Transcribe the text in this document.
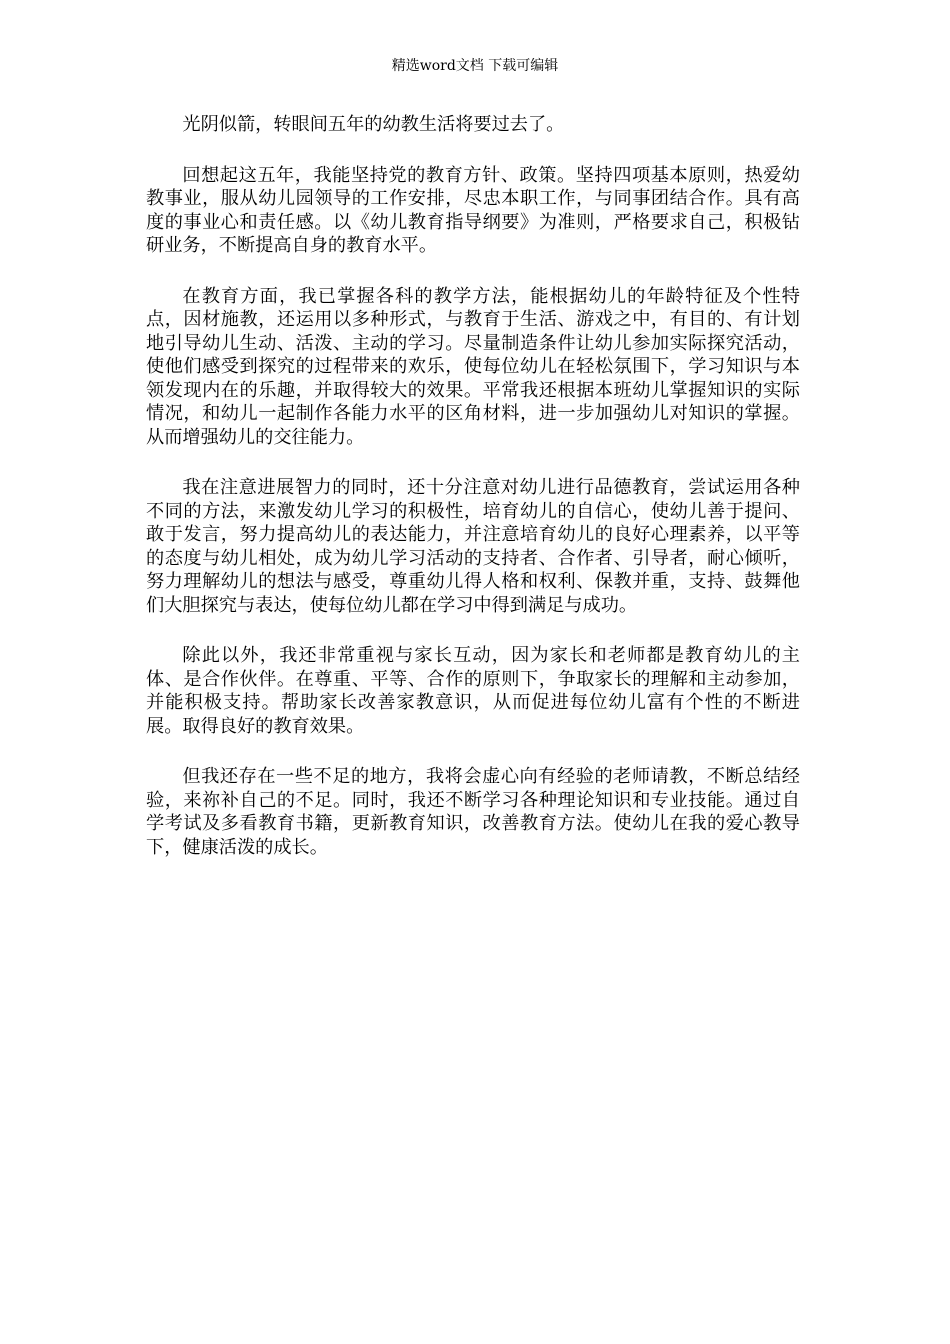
精选word文档 下载可编辑

光阴似箭，转眼间五年的幼教生活将要过去了。

回想起这五年，我能坚持党的教育方针、政策。坚持四项基本原则，热爱幼教事业，服从幼儿园领导的工作安排，尽忠本职工作，与同事团结合作。具有高度的事业心和责任感。以《幼儿教育指导纲要》为准则，严格要求自己，积极钻研业务，不断提高自身的教育水平。

在教育方面，我已掌握各科的教学方法，能根据幼儿的年龄特征及个性特点，因材施教，还运用以多种形式，与教育于生活、游戏之中，有目的、有计划地引导幼儿生动、活泼、主动的学习。尽量制造条件让幼儿参加实际探究活动，使他们感受到探究的过程带来的欢乐，使每位幼儿在轻松氛围下，学习知识与本领发现内在的乐趣，并取得较大的效果。平常我还根据本班幼儿掌握知识的实际情况，和幼儿一起制作各能力水平的区角材料，进一步加强幼儿对知识的掌握。从而增强幼儿的交往能力。

我在注意进展智力的同时，还十分注意对幼儿进行品德教育，尝试运用各种不同的方法，来激发幼儿学习的积极性，培育幼儿的自信心，使幼儿善于提问、敢于发言，努力提高幼儿的表达能力，并注意培育幼儿的良好心理素养，以平等的态度与幼儿相处，成为幼儿学习活动的支持者、合作者、引导者，耐心倾听，努力理解幼儿的想法与感受，尊重幼儿得人格和权利、保教并重，支持、鼓舞他们大胆探究与表达，使每位幼儿都在学习中得到满足与成功。

除此以外，我还非常重视与家长互动，因为家长和老师都是教育幼儿的主体、是合作伙伴。在尊重、平等、合作的原则下，争取家长的理解和主动参加，并能积极支持。帮助家长改善家教意识，从而促进每位幼儿富有个性的不断进展。取得良好的教育效果。

但我还存在一些不足的地方，我将会虚心向有经验的老师请教，不断总结经验，来祢补自己的不足。同时，我还不断学习各种理论知识和专业技能。通过自学考试及多看教育书籍，更新教育知识，改善教育方法。使幼儿在我的爱心教导下，健康活泼的成长。
